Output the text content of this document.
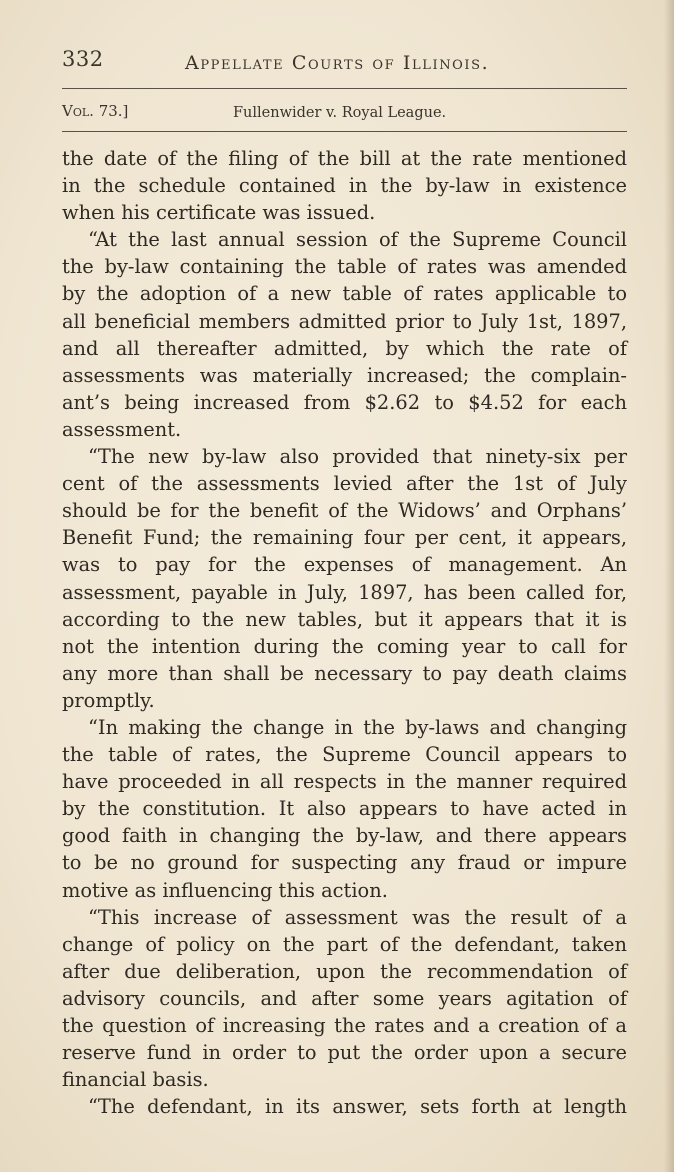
332	Appellate Courts of Illinois.
Vol. 73.]	Fullenwider v. Royal League.

the date of the filing of the bill at the rate mentioned

in the schedule contained in the by-law in existence

when his certificate was issued.

“At the last annual session of the Supreme Council

the by-law containing the table of rates was amended

by the adoption of a new table of rates applicable to

all beneficial members admitted prior to July 1st, 1897,

and all thereafter admitted, by which the rate of

assessments was materially increased; the complain-

ant’s being increased from $2.62 to $4.52 for each

assessment.

“The new by-law also provided that ninety-six per

cent of the assessments levied after the 1st of July

should be for the benefit of the Widows’ and Orphans’

Benefit Fund; the remaining four per cent, it appears,

was to pay for the expenses of management. An

assessment, payable in July, 1897, has been called for,

according to the new tables, but it appears that it is

not the intention during the coming year to call for

any more than shall be necessary to pay death claims

promptly.

“In making the change in the by-laws and changing

the table of rates, the Supreme Council appears to

have proceeded in all respects in the manner required

by the constitution. It also appears to have acted in

good faith in changing the by-law, and there appears

to be no ground for suspecting any fraud or impure

motive as influencing this action.

“This increase of assessment was the result of a

change of policy on the part of the defendant, taken

after due deliberation, upon the recommendation of

advisory councils, and after some years agitation of

the question of increasing the rates and a creation of a

reserve fund in order to put the order upon a secure

financial basis.

“The defendant, in its answer, sets forth at length
